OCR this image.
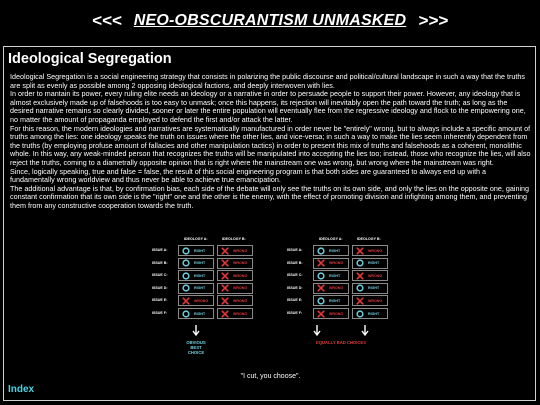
<<< NEO-OBSCURANTISM UNMASKED >>>
Ideological Segregation

Ideological Segregation is a social engineering strategy that consists in polarizing the public discourse and political/cultural landscape in such a way that the truths are split as evenly as possible among 2 opposing ideological factions, and deeply interwoven with lies.

In order to mantain its power, every ruling elite needs an ideology or a narrative in order to persuade people to support their power. However, any ideology that is almost exclusively made up of falsehoods is too easy to unmask; once this happens, its rejection will inevitably open the path toward the truth; as long as the desired narrative remains so clearly divided, sooner or later the entire population will eventually flee from the regressive ideology and flock to the empowering one, no matter the amount of propaganda employed to defend the first and/or attack the latter.

For this reason, the modern ideologies and narratives are systematically manufactured in order never be "entirely" wrong, but to always include a specific amount of truths among the lies: one ideology speaks the truth on issues where the other lies, and vice-versa; in such a way to make the lies seem inherently dependent from the truths (by employing profuse amount of fallacies and other manipulation tactics) in order to present this mix of truths and falsehoods as a coherent, monolithic whole. In this way, any weak-minded person that recognizes the truths will be manipulated into accepting the lies too; instead, those who recognize the lies, will also reject the truths, coming to a diametrally opposite opinion that is right where the mainstream one was wrong, but wrong where the mainstream was right.

Since, logically speaking, true and false = false, the result of this social engineering program is that both sides are guaranteed to always end up with a fundamentally wrong worldview and thus never be able to achieve true emancipation.

The additional advantage is that, by confirmation bias, each side of the debate will only see the truths on its own side, and only the lies on the opposite one, gaining constant confirmation that its own side is the "right" one and the other is the enemy, with the effect of promoting division and infighting among them, and preventing them from any constructive cooperation towards the truth.

IDEOLOGY A:	IDEOLOGY B:
ISSUE A:	RIGHT	WRONG
ISSUE B:	RIGHT	WRONG
ISSUE C:	RIGHT	WRONG
ISSUE D:	RIGHT	WRONG
ISSUE E:	WRONG	WRONG
ISSUE F:	RIGHT	WRONG
OBVIOUS
BEST
CHOICE
IDEOLOGY A:	IDEOLOGY B:
ISSUE A:	RIGHT	WRONG
ISSUE B:	WRONG	RIGHT
ISSUE C:	RIGHT	WRONG
ISSUE D:	WRONG	RIGHT
ISSUE E:	RIGHT	WRONG
ISSUE F:	WRONG	RIGHT
EQUALLY BAD CHOICES
"I cut, you choose".
Index
